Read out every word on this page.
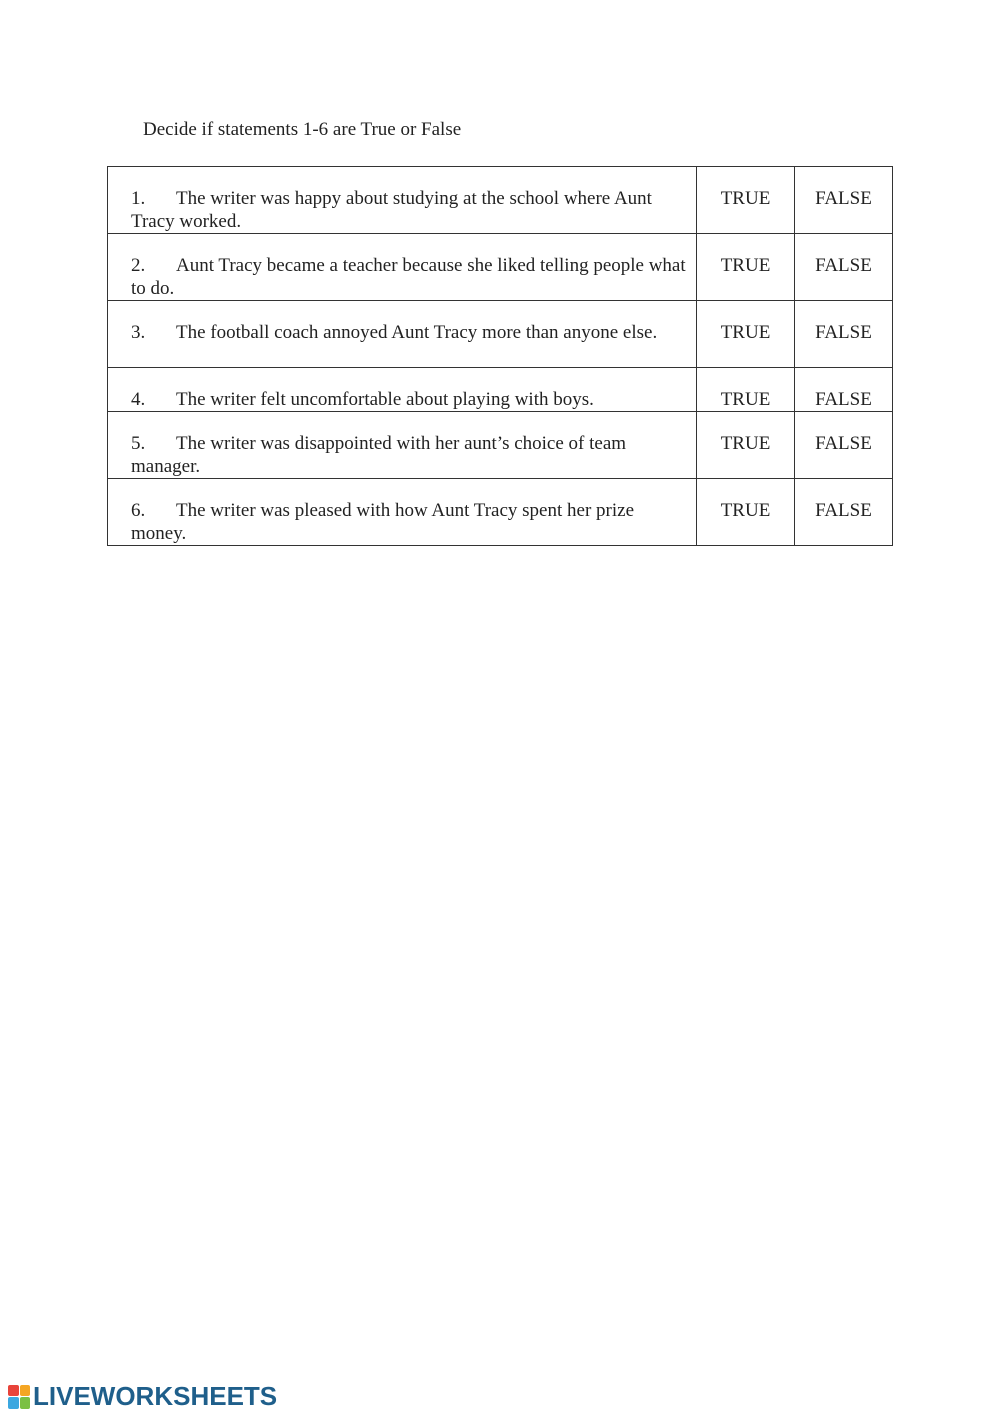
Decide if statements 1-6 are True or False
1. The writer was happy about studying at the school where Aunt Tracy worked.	TRUE	FALSE
2. Aunt Tracy became a teacher because she liked telling people what to do.	TRUE	FALSE
3. The football coach annoyed Aunt Tracy more than anyone else.	TRUE	FALSE
4. The writer felt uncomfortable about playing with boys.	TRUE	FALSE
5. The writer was disappointed with her aunt’s choice of team manager.	TRUE	FALSE
6. The writer was pleased with how Aunt Tracy spent her prize money.	TRUE	FALSE
LIVEWORKSHEETS
